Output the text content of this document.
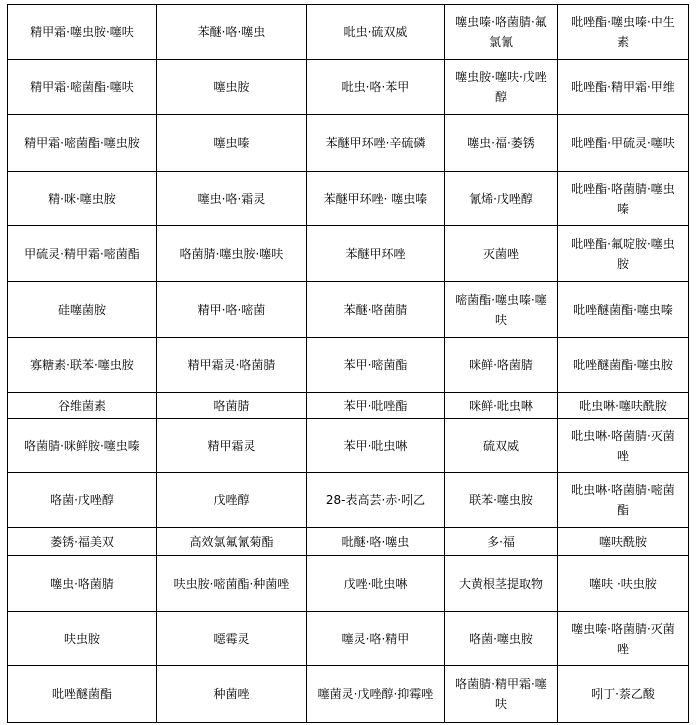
精甲霜·噻虫胺·噻呋	苯醚·咯·噻虫	吡虫·硫双威	噻虫嗪·咯菌腈·氟氯氰	吡唑酯·噻虫嗪·中生素
精甲霜·嘧菌酯·噻呋	噻虫胺	吡虫·咯·苯甲	噻虫胺·噻呋·戊唑醇	吡唑酯·精甲霜·甲维
精甲霜·嘧菌酯·噻虫胺	噻虫嗪	苯醚甲环唑·辛硫磷	噻虫·福·萎锈	吡唑酯·甲硫灵·噻呋
精·咪·噻虫胺	噻虫·咯·霜灵	苯醚甲环唑· 噻虫嗪	氰烯·戊唑醇	吡唑酯·咯菌腈·噻虫嗪
甲硫灵·精甲霜·嘧菌酯	咯菌腈·噻虫胺·噻呋	苯醚甲环唑	灭菌唑	吡唑酯·氟啶胺·噻虫胺
硅噻菌胺	精甲·咯·嘧菌	苯醚·咯菌腈	嘧菌酯·噻虫嗪·噻呋	吡唑醚菌酯·噻虫嗪
寡糖素·联苯·噻虫胺	精甲霜灵·咯菌腈	苯甲·嘧菌酯	咪鲜·咯菌腈	吡唑醚菌酯·噻虫胺
谷维菌素	咯菌腈	苯甲·吡唑酯	咪鲜·吡虫啉	吡虫啉·噻呋酰胺
咯菌腈·咪鲜胺·噻虫嗪	精甲霜灵	苯甲·吡虫啉	硫双威	吡虫啉·咯菌腈·灭菌唑
咯菌·戊唑醇	戊唑醇	28-表高芸·赤·吲乙	联苯·噻虫胺	吡虫啉·咯菌腈·嘧菌酯
萎锈·福美双	高效氯氟氰菊酯	吡醚·咯·噻虫	多·福	噻呋酰胺
噻虫·咯菌腈	呋虫胺·嘧菌酯·种菌唑	戊唑·吡虫啉	大黄根茎提取物	噻呋 ·呋虫胺
呋虫胺	噁霉灵	噻灵·咯·精甲	咯菌·噻虫胺	噻虫嗪·咯菌腈·灭菌唑
吡唑醚菌酯	种菌唑	噻菌灵·戊唑醇·抑霉唑	咯菌腈·精甲霜·噻呋	吲丁·萘乙酸
